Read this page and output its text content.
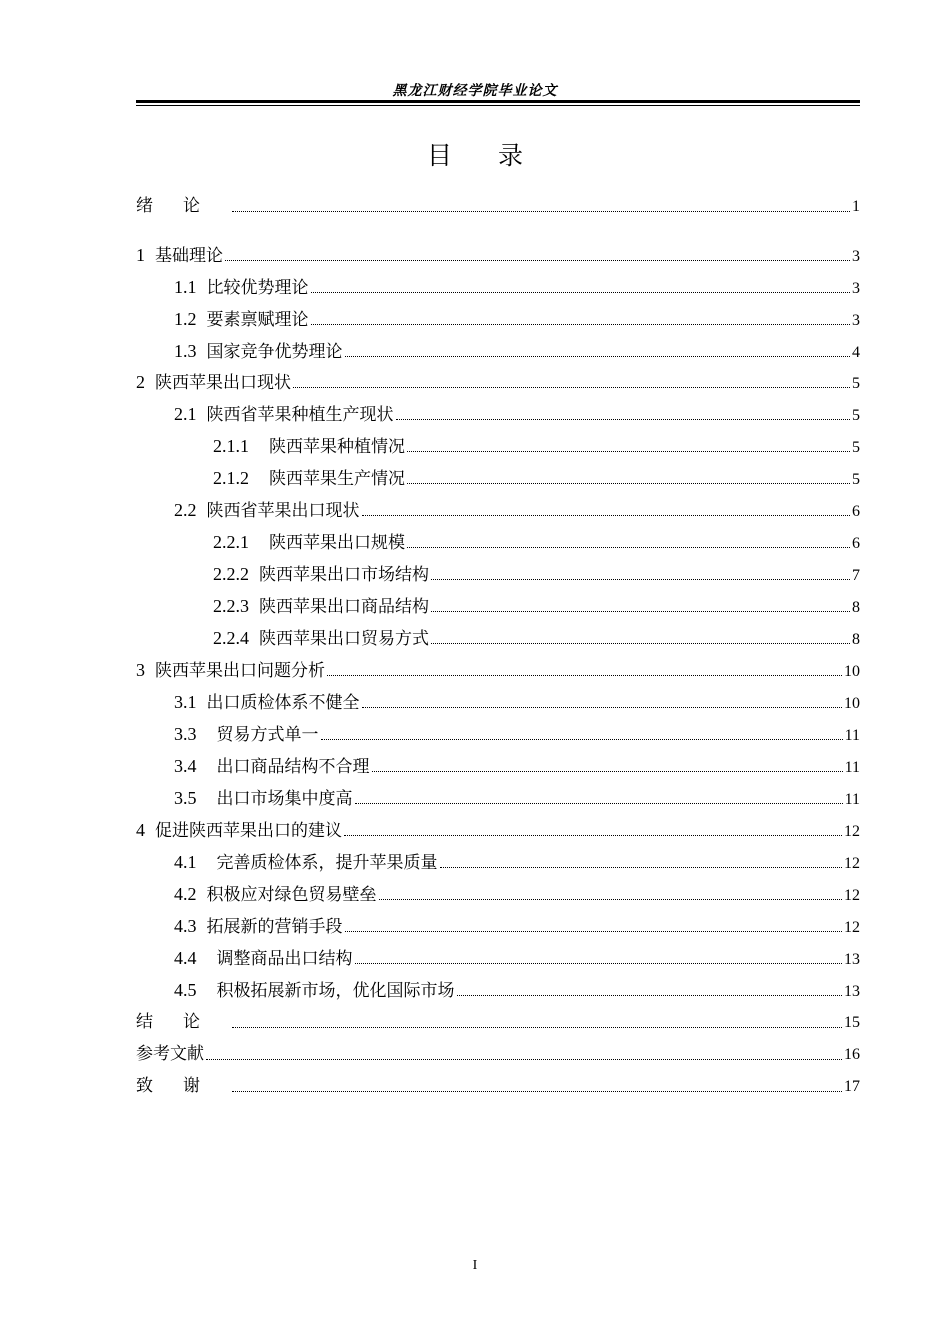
黑龙江财经学院毕业论文
目 录
绪论	1
1 基础理论	3
1.1 比较优势理论	3
1.2 要素禀赋理论	3
1.3 国家竞争优势理论	4
2 陕西苹果出口现状	5
2.1 陕西省苹果种植生产现状	5
2.1.1 陕西苹果种植情况	5
2.1.2 陕西苹果生产情况	5
2.2 陕西省苹果出口现状	6
2.2.1 陕西苹果出口规模	6
2.2.2 陕西苹果出口市场结构	7
2.2.3 陕西苹果出口商品结构	8
2.2.4 陕西苹果出口贸易方式	8
3 陕西苹果出口问题分析	10
3.1 出口质检体系不健全	10
3.3 贸易方式单一	11
3.4 出口商品结构不合理	11
3.5 出口市场集中度高	11
4 促进陕西苹果出口的建议	12
4.1 完善质检体系，提升苹果质量	12
4.2 积极应对绿色贸易壁垒	12
4.3 拓展新的营销手段	12
4.4 调整商品出口结构	13
4.5 积极拓展新市场，优化国际市场	13
结论	15
参考文献	16
致谢	17
I
